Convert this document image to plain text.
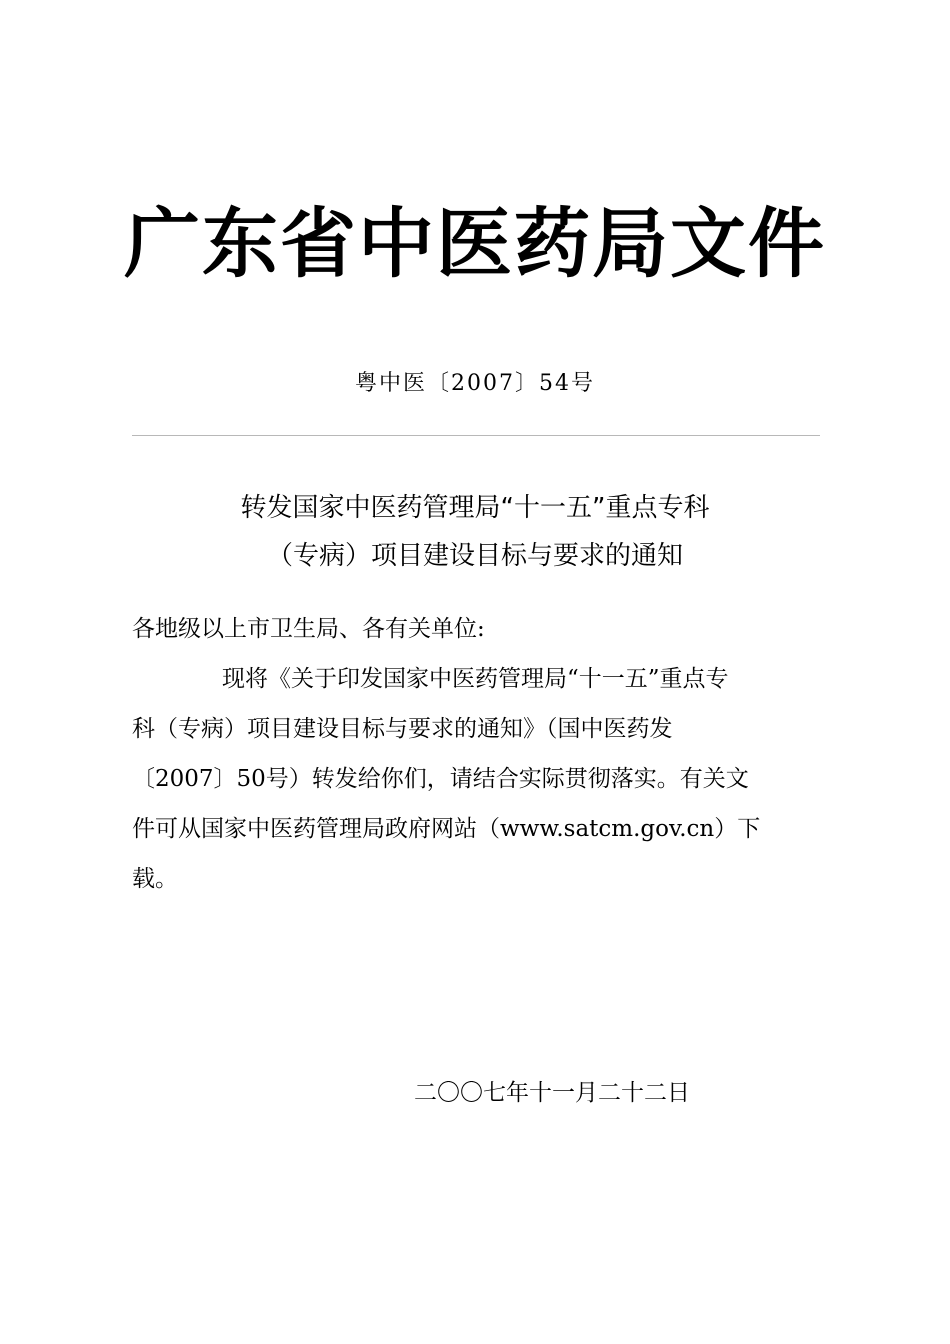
广东省中医药局文件
粤中医〔2007〕54号
转发国家中医药管理局“十一五”重点专科
（专病）项目建设目标与要求的通知
各地级以上市卫生局、各有关单位:
现将《关于印发国家中医药管理局“十一五”重点专
科（专病）项目建设目标与要求的通知》（国中医药发
〔2007〕50号）转发给你们，请结合实际贯彻落实。有关文
件可从国家中医药管理局政府网站（www.satcm.gov.cn）下
载。
二〇〇七年十一月二十二日
